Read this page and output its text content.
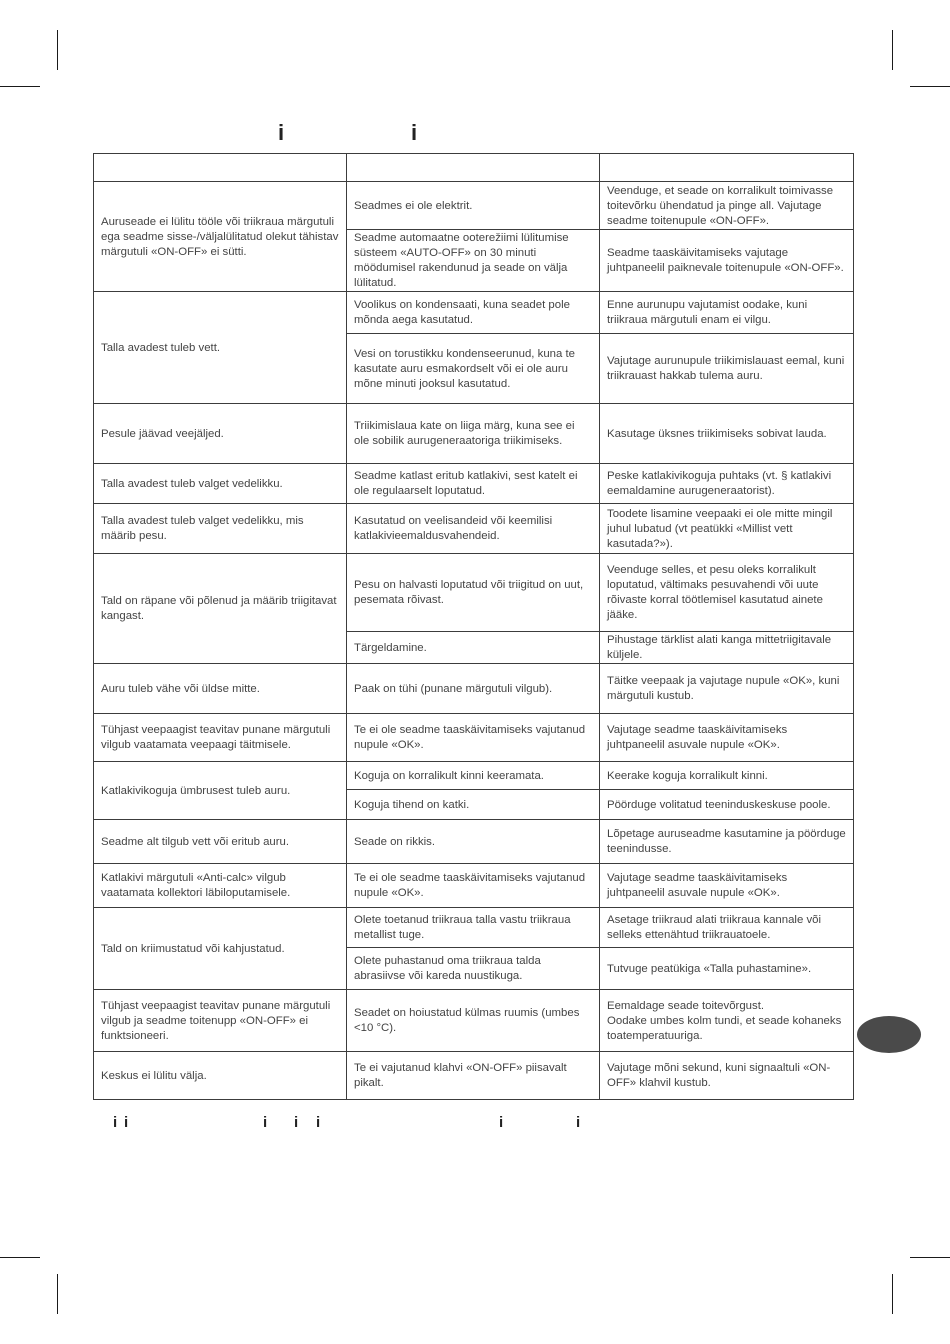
i	i

Auruseade ei lülitu tööle või triikraua märgutuli ega seadme sisse-/väljalülitatud olekut tähistav märgutuli «ON-OFF» ei sütti.	Seadmes ei ole elektrit.	Veenduge, et seade on korralikult toimivasse toitevõrku ühendatud ja pinge all. Vajutage seadme toitenupule «ON-OFF».
	Seadme automaatne ooterežiimi lülitumise süsteem «AUTO-OFF» on 30 minuti möödumisel rakendunud ja seade on välja lülitatud.	Seadme taaskäivitamiseks vajutage juhtpaneelil paiknevale toitenupule «ON-OFF».
Talla avadest tuleb vett.	Voolikus on kondensaati, kuna seadet pole mõnda aega kasutatud.	Enne aurunupu vajutamist oodake, kuni triikraua märgutuli enam ei vilgu.
	Vesi on torustikku kondenseerunud, kuna te kasutate auru esmakordselt või ei ole auru mõne minuti jooksul kasutatud.	Vajutage aurunupule triikimislauast eemal, kuni triikrauast hakkab tulema auru.
Pesule jäävad veejäljed.	Triikimislaua kate on liiga märg, kuna see ei ole sobilik aurugeneraatoriga triikimiseks.	Kasutage üksnes triikimiseks sobivat lauda.
Talla avadest tuleb valget vedelikku.	Seadme katlast eritub katlakivi, sest katelt ei ole regulaarselt loputatud.	Peske katlakivikoguja puhtaks (vt. § katlakivi eemaldamine aurugeneraatorist).
Talla avadest tuleb valget vedelikku, mis määrib pesu.	Kasutatud on veelisandeid või keemilisi katlakivieemaldusvahendeid.	Toodete lisamine veepaaki ei ole mitte mingil juhul lubatud (vt peatükki «Millist vett kasutada?»).
Tald on räpane või põlenud ja määrib triigitavat kangast.	Pesu on halvasti loputatud või triigitud on uut, pesemata rõivast.	Veenduge selles, et pesu oleks korralikult loputatud, vältimaks pesuvahendi või uute rõivaste korral töötlemisel kasutatud ainete jääke.
	Tärgeldamine.	Pihustage tärklist alati kanga mittetriigitavale küljele.
Auru tuleb vähe või üldse mitte.	Paak on tühi (punane märgutuli vilgub).	Täitke veepaak ja vajutage nupule «OK», kuni märgutuli kustub.
Tühjast veepaagist teavitav punane märgutuli vilgub vaatamata veepaagi täitmisele.	Te ei ole seadme taaskäivitamiseks vajutanud nupule «OK».	Vajutage seadme taaskäivitamiseks juhtpaneelil asuvale nupule «OK».
Katlakivikoguja ümbrusest tuleb auru.	Koguja on korralikult kinni keeramata.	Keerake koguja korralikult kinni.
	Koguja tihend on katki.	Pöörduge volitatud teeninduskeskuse poole.
Seadme alt tilgub vett või eritub auru.	Seade on rikkis.	Lõpetage auruseadme kasutamine ja pöörduge teenindusse.
Katlakivi märgutuli «Anti-calc» vilgub vaatamata kollektori läbiloputamisele.	Te ei ole seadme taaskäivitamiseks vajutanud nupule «OK».	Vajutage seadme taaskäivitamiseks juhtpaneelil asuvale nupule «OK».
Tald on kriimustatud või kahjustatud.	Olete toetanud triikraua talla vastu triikraua metallist tuge.	Asetage triikraud alati triikraua kannale või selleks ettenähtud triikrauatoele.
	Olete puhastanud oma triikraua talda abrasiivse või kareda nuustikuga.	Tutvuge peatükiga «Talla puhastamine».
Tühjast veepaagist teavitav punane märgutuli vilgub ja seadme toitenupp «ON-OFF» ei funktsioneeri.	Seadet on hoiustatud külmas ruumis (umbes <10 °C).	Eemaldage seade toitevõrgust.
Oodake umbes kolm tundi, et seade kohaneks toatemperatuuriga.
Keskus ei lülitu välja.	Te ei vajutanud klahvi «ON-OFF» piisavalt pikalt.	Vajutage mõni sekund, kuni signaaltuli «ON-OFF» klahvil kustub.
i i	i i i	i	i
